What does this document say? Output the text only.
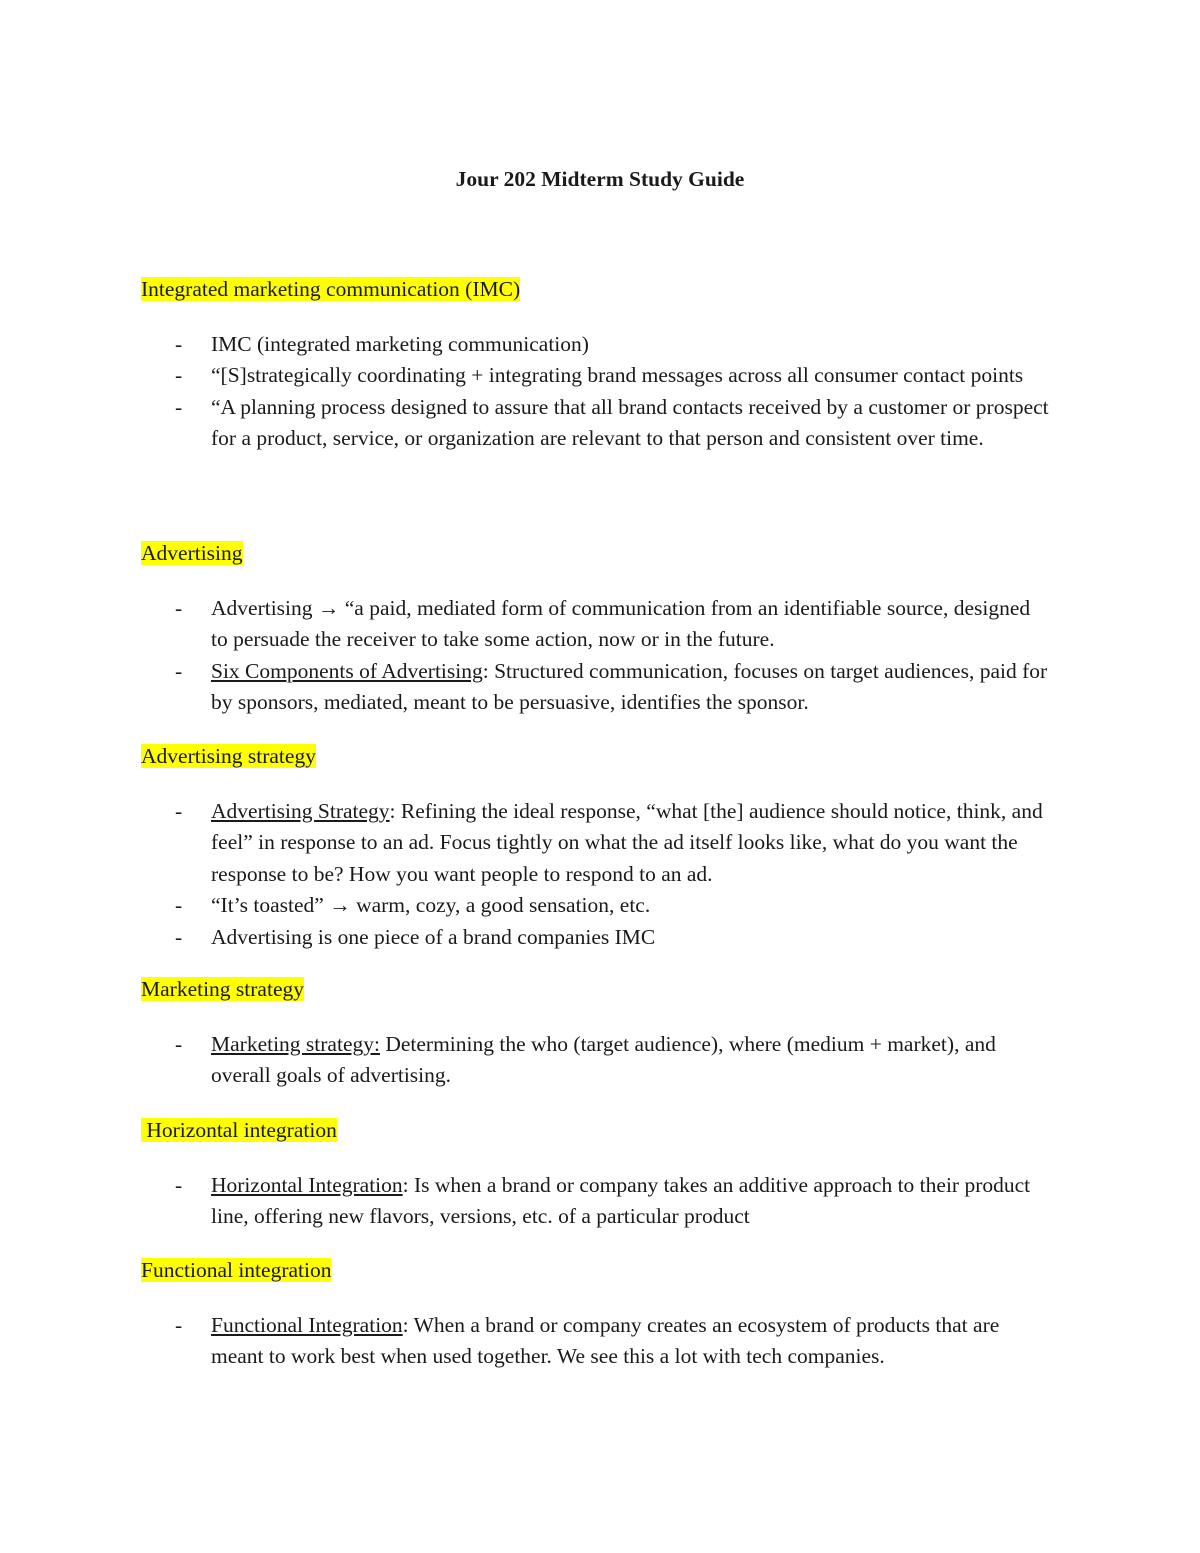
Jour 202 Midterm Study Guide

Integrated marketing communication (IMC)

- IMC (integrated marketing communication)
- “[S]strategically coordinating + integrating brand messages across all consumer contact points
- “A planning process designed to assure that all brand contacts received by a customer or prospect for a product, service, or organization are relevant to that person and consistent over time.

Advertising

- Advertising → “a paid, mediated form of communication from an identifiable source, designed to persuade the receiver to take some action, now or in the future.
- Six Components of Advertising: Structured communication, focuses on target audiences, paid for by sponsors, mediated, meant to be persuasive, identifies the sponsor.

Advertising strategy

- Advertising Strategy: Refining the ideal response, “what [the] audience should notice, think, and feel” in response to an ad. Focus tightly on what the ad itself looks like, what do you want the response to be? How you want people to respond to an ad.
- “It’s toasted” → warm, cozy, a good sensation, etc.
- Advertising is one piece of a brand companies IMC

Marketing strategy

- Marketing strategy: Determining the who (target audience), where (medium + market), and overall goals of advertising.

Horizontal integration

- Horizontal Integration: Is when a brand or company takes an additive approach to their product line, offering new flavors, versions, etc. of a particular product

Functional integration

- Functional Integration: When a brand or company creates an ecosystem of products that are meant to work best when used together. We see this a lot with tech companies.
